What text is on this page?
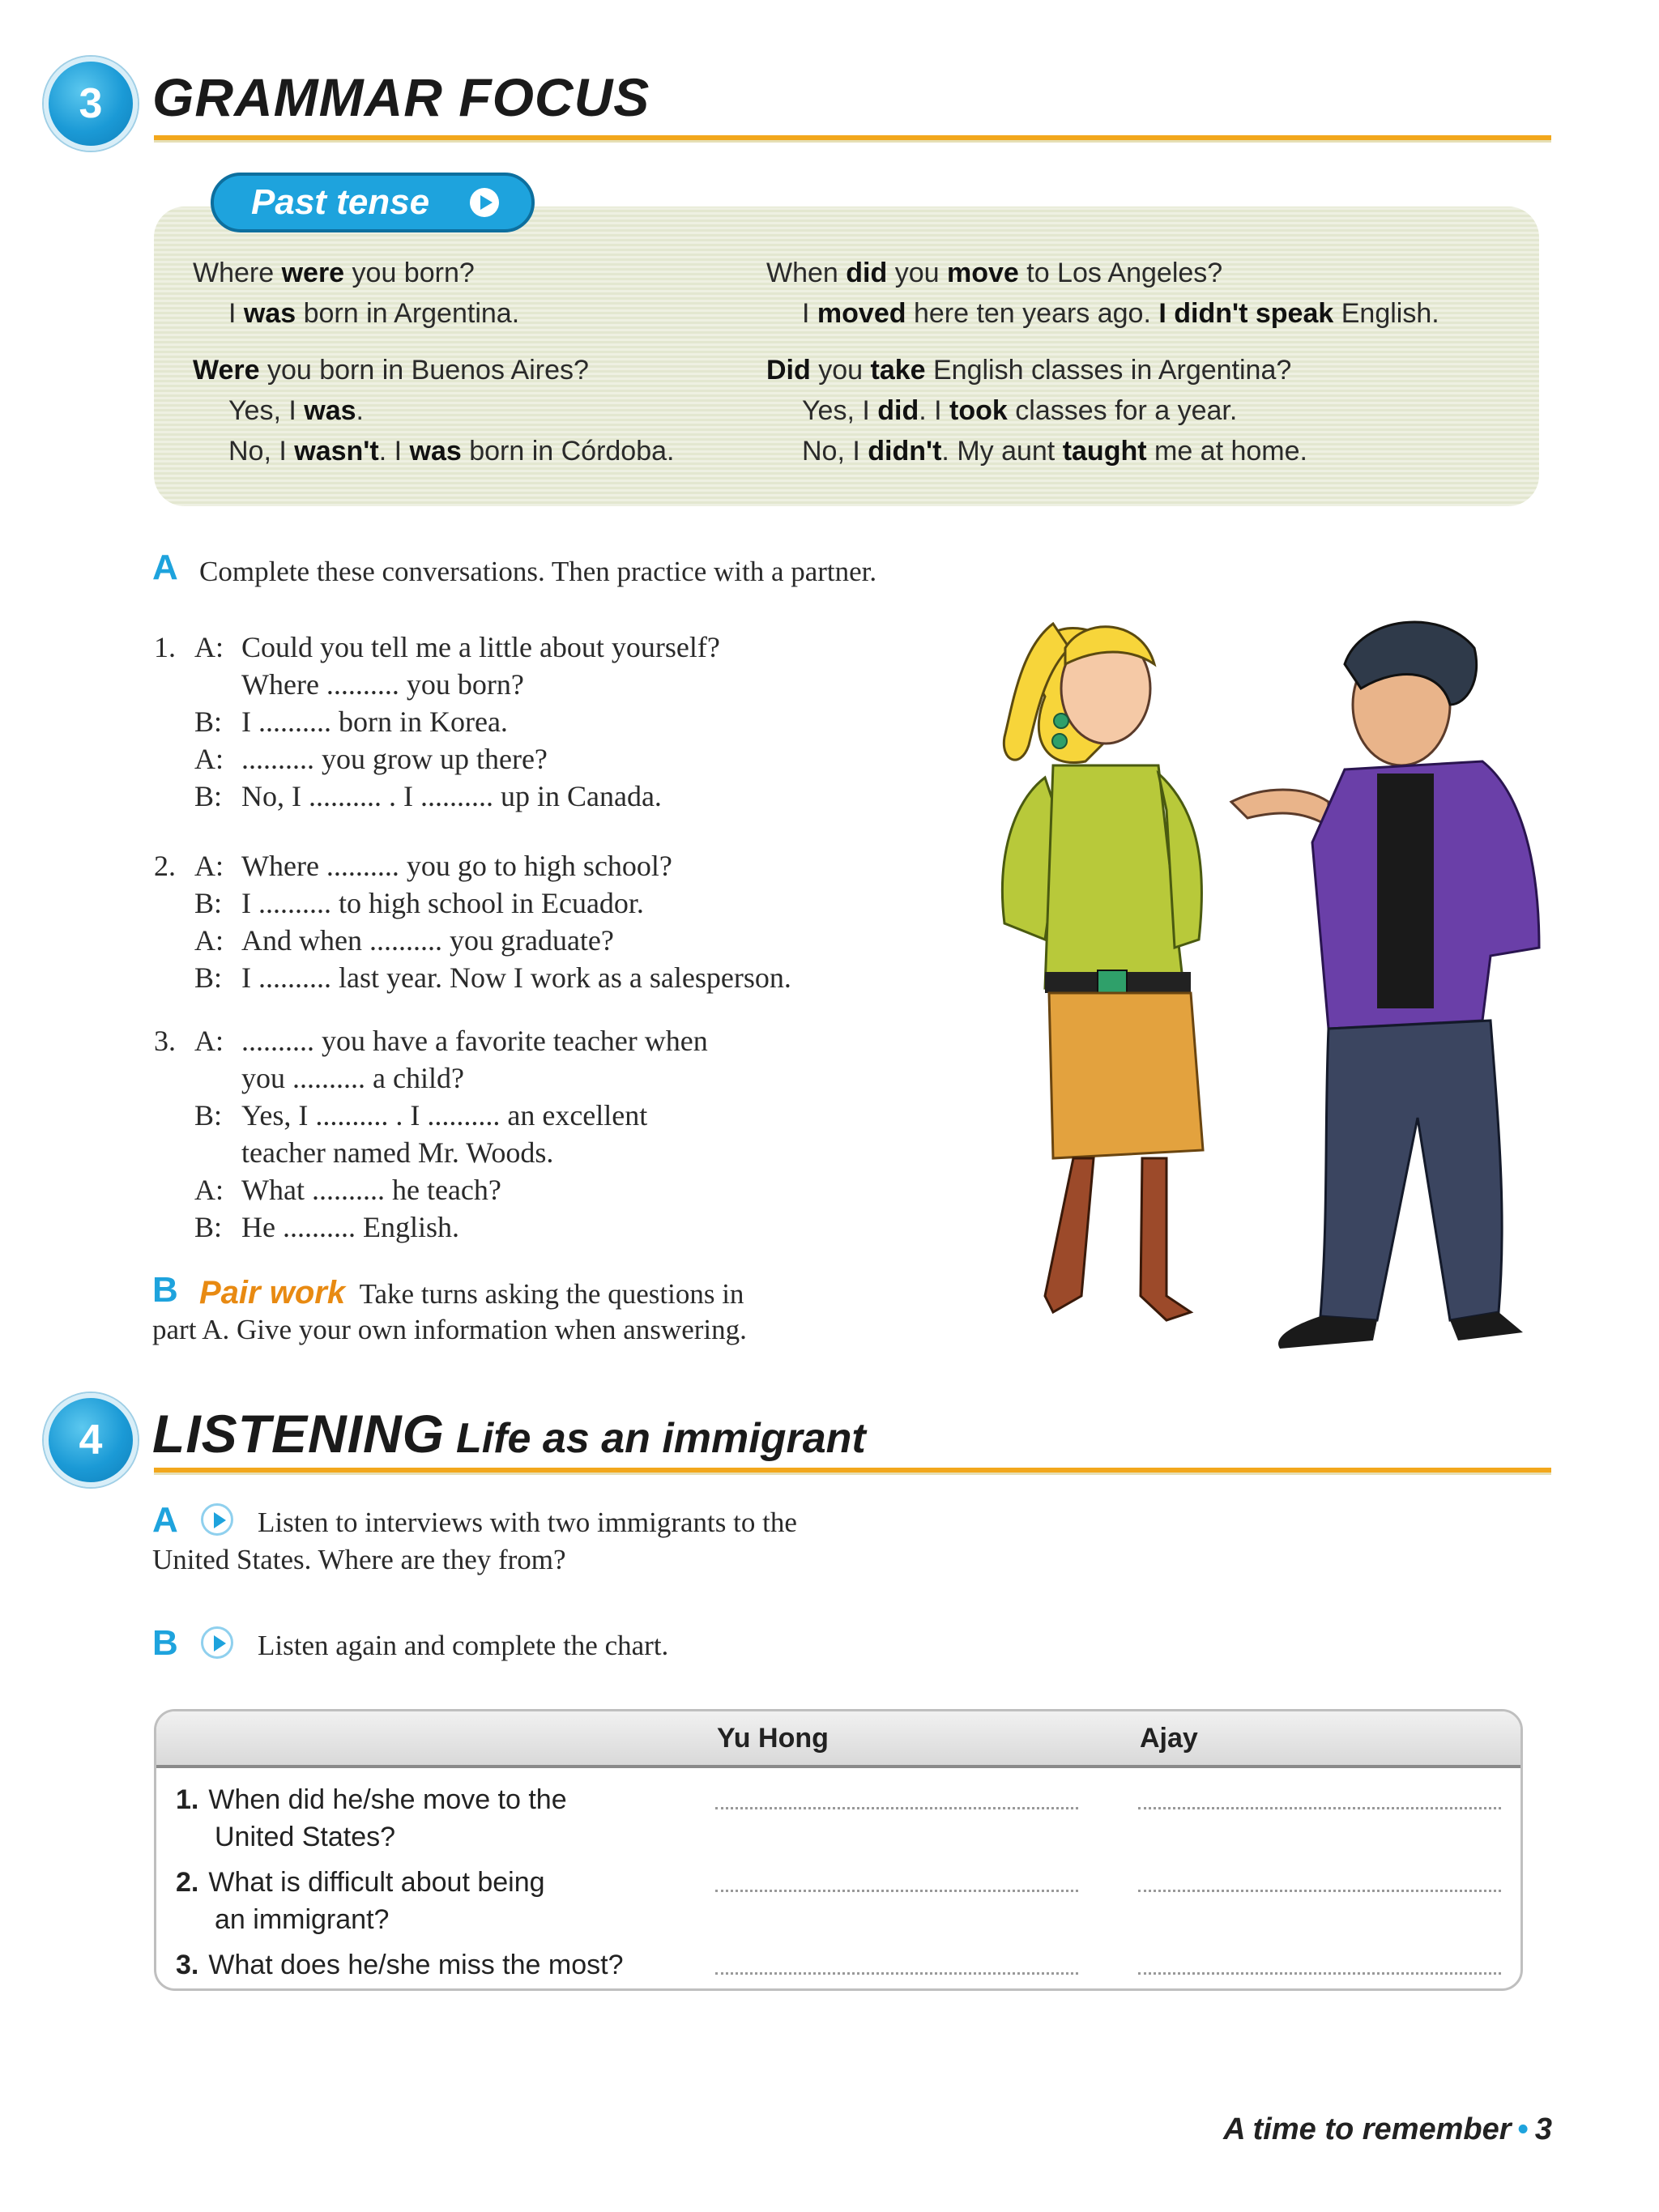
3 GRAMMAR FOCUS
Past tense
Where were you born?
I was born in Argentina.
Were you born in Buenos Aires?
Yes, I was.
No, I wasn't. I was born in Córdoba.
When did you move to Los Angeles?
I moved here ten years ago. I didn't speak English.
Did you take English classes in Argentina?
Yes, I did. I took classes for a year.
No, I didn't. My aunt taught me at home.
A Complete these conversations. Then practice with a partner.
1. A: Could you tell me a little about yourself?
Where .......... you born?
B: I .......... born in Korea.
A: .......... you grow up there?
B: No, I .......... . I .......... up in Canada.
2. A: Where .......... you go to high school?
B: I .......... to high school in Ecuador.
A: And when .......... you graduate?
B: I .......... last year. Now I work as a salesperson.
3. A: .......... you have a favorite teacher when
you .......... a child?
B: Yes, I .......... . I .......... an excellent
teacher named Mr. Woods.
A: What .......... he teach?
B: He .......... English.
B Pair work Take turns asking the questions in
part A. Give your own information when answering.
4 LISTENING Life as an immigrant
A	Listen to interviews with two immigrants to the
United States. Where are they from?
B	Listen again and complete the chart.
Yu Hong	Ajay
1. When did he/she move to the
United States?
2. What is difficult about being
an immigrant?
3. What does he/she miss the most?
A time to remember • 3
